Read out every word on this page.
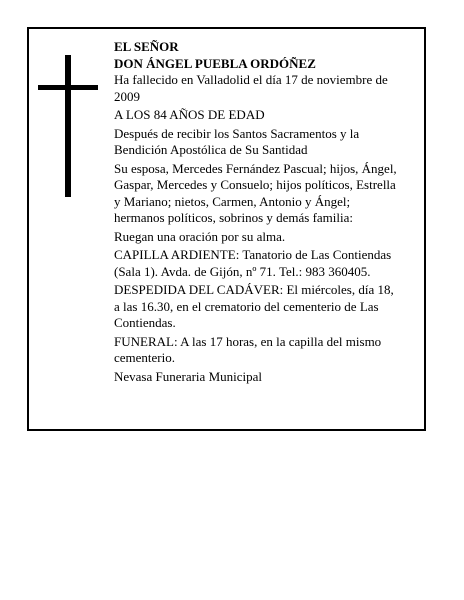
EL SEÑOR

DON ÁNGEL PUEBLA ORDÓÑEZ

Ha fallecido en Valladolid el día 17 de noviembre de 2009

A LOS 84 AÑOS DE EDAD

Después de recibir los Santos Sacramentos y la Bendición Apostólica de Su Santidad

Su esposa, Mercedes Fernández Pascual; hijos, Ángel, Gaspar, Mercedes y Consuelo; hijos políticos, Estrella y Mariano; nietos, Carmen, Antonio y Ángel; hermanos políticos, sobrinos y demás familia:

Ruegan una oración por su alma.

CAPILLA ARDIENTE: Tanatorio de Las Contiendas (Sala 1). Avda. de Gijón, nº 71. Tel.: 983 360405.

DESPEDIDA DEL CADÁVER: El miércoles, día 18, a las 16.30, en el crematorio del cementerio de Las Contiendas.

FUNERAL: A las 17 horas, en la capilla del mismo cementerio.

Nevasa Funeraria Municipal
